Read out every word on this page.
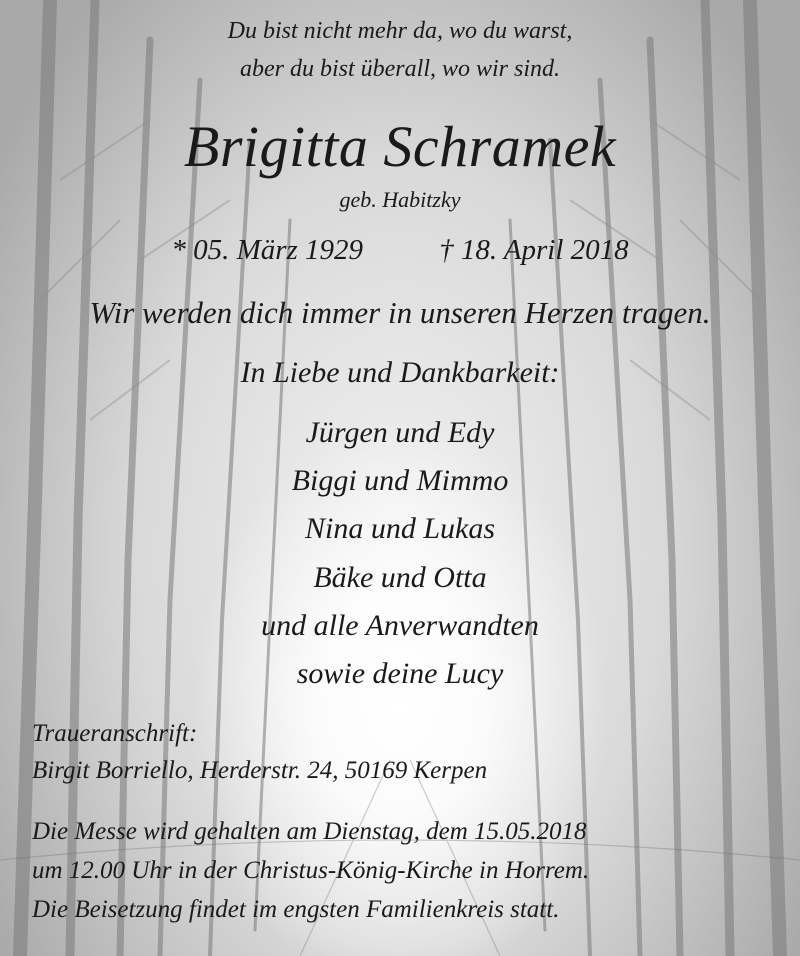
Du bist nicht mehr da, wo du warst,
aber du bist überall, wo wir sind.
Brigitta Schramek
geb. Habitzky
* 05. März 1929	† 18. April 2018
Wir werden dich immer in unseren Herzen tragen.
In Liebe und Dankbarkeit:
Jürgen und Edy
Biggi und Mimmo
Nina und Lukas
Bäke und Otta
und alle Anverwandten
sowie deine Lucy
Traueranschrift:
Birgit Borriello, Herderstr. 24, 50169 Kerpen
Die Messe wird gehalten am Dienstag, dem 15.05.2018
um 12.00 Uhr in der Christus-König-Kirche in Horrem.
Die Beisetzung findet im engsten Familienkreis statt.
